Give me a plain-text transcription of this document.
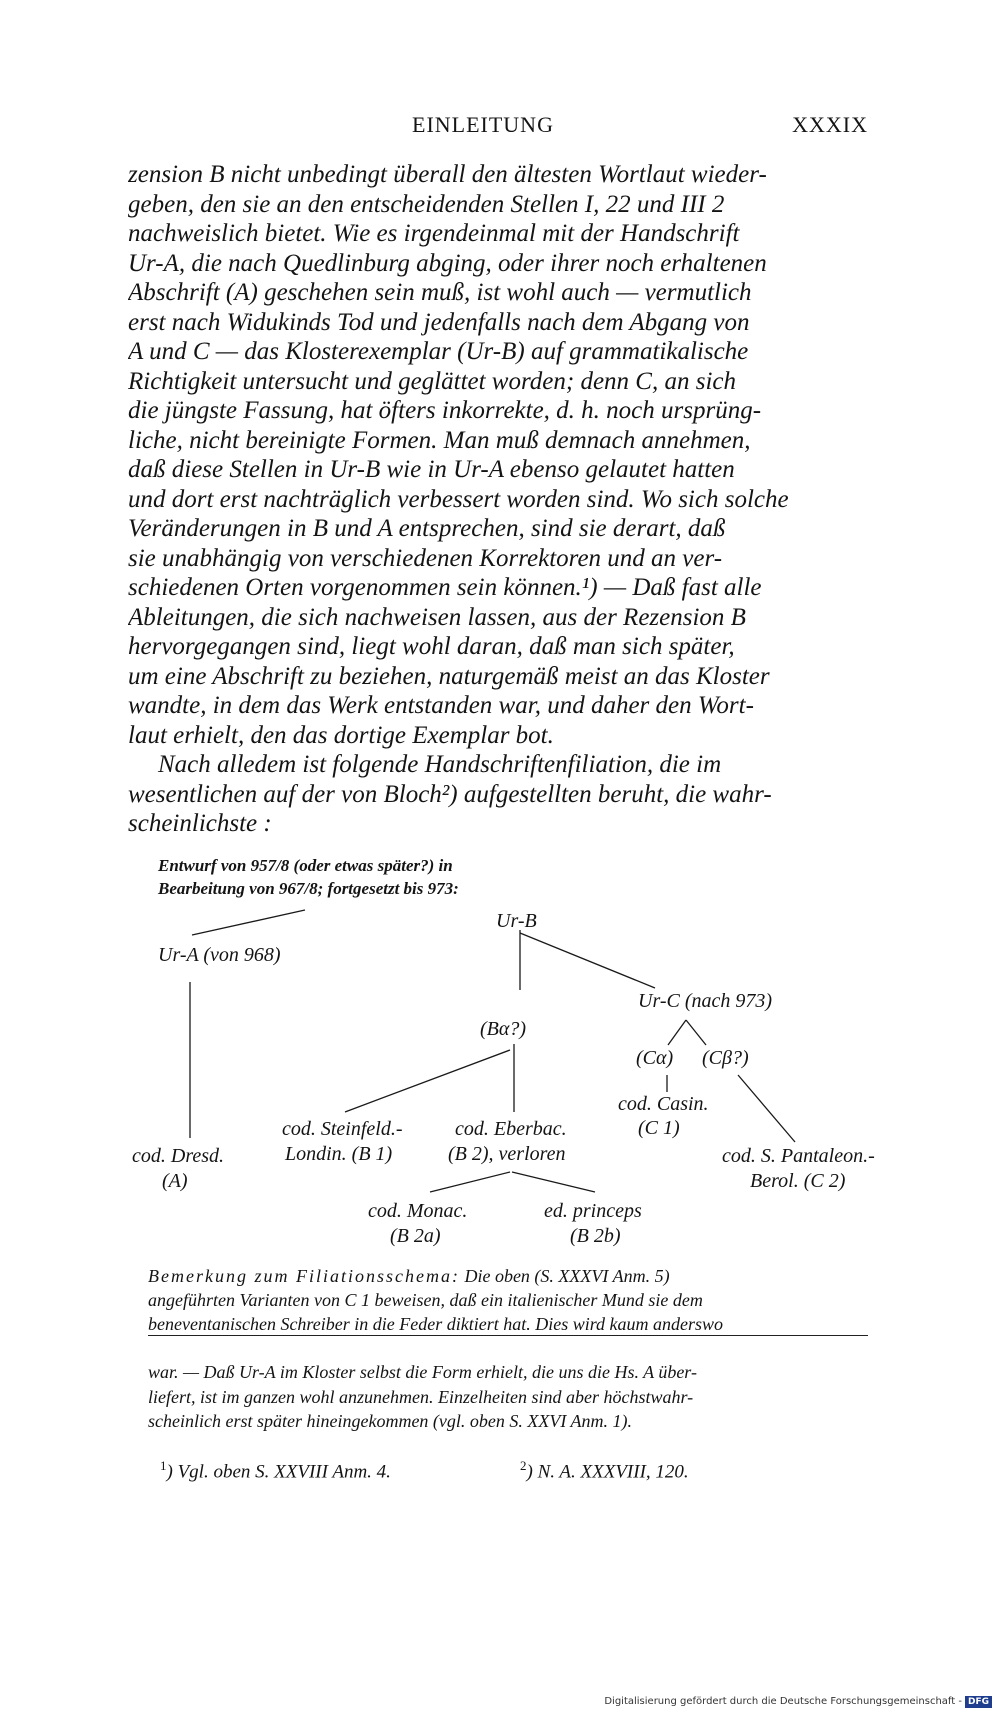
EINLEITUNG	XXXIX
zension B nicht unbedingt überall den ältesten Wortlaut wieder-
geben, den sie an den entscheidenden Stellen I, 22 und III 2
nachweislich bietet. Wie es irgendeinmal mit der Handschrift
Ur-A, die nach Quedlinburg abging, oder ihrer noch erhaltenen
Abschrift (A) geschehen sein muß, ist wohl auch — vermutlich
erst nach Widukinds Tod und jedenfalls nach dem Abgang von
A und C — das Klosterexemplar (Ur-B) auf grammatikalische
Richtigkeit untersucht und geglättet worden; denn C, an sich
die jüngste Fassung, hat öfters inkorrekte, d. h. noch ursprüng-
liche, nicht bereinigte Formen. Man muß demnach annehmen,
daß diese Stellen in Ur-B wie in Ur-A ebenso gelautet hatten
und dort erst nachträglich verbessert worden sind. Wo sich solche
Veränderungen in B und A entsprechen, sind sie derart, daß
sie unabhängig von verschiedenen Korrektoren und an ver-
schiedenen Orten vorgenommen sein können.¹) — Daß fast alle
Ableitungen, die sich nachweisen lassen, aus der Rezension B
hervorgegangen sind, liegt wohl daran, daß man sich später,
um eine Abschrift zu beziehen, naturgemäß meist an das Kloster
wandte, in dem das Werk entstanden war, und daher den Wort-
laut erhielt, den das dortige Exemplar bot.
Nach alledem ist folgende Handschriftenfiliation, die im
wesentlichen auf der von Bloch²) aufgestellten beruht, die wahr-
scheinlichste :
Entwurf von 957/8 (oder etwas später?) in
Bearbeitung von 967/8; fortgesetzt bis 973:
Ur-B
Ur-A (von 968)
Ur-C (nach 973)
(Bα?)
(Cα) (Cβ?)
cod. Casin.
(C 1)
cod. Steinfeld.-
Londin. (B 1)
cod. Eberbac.
(B 2), verloren
cod. Dresd.
(A)
cod. S. Pantaleon.-
Berol. (C 2)
cod. Monac.
(B 2a)
ed. princeps
(B 2b)
Bemerkung zum Filiationsschema: Die oben (S. XXXVI Anm. 5)
angeführten Varianten von C 1 beweisen, daß ein italienischer Mund sie dem
beneventanischen Schreiber in die Feder diktiert hat. Dies wird kaum anderswo
war. — Daß Ur-A im Kloster selbst die Form erhielt, die uns die Hs. A über-
liefert, ist im ganzen wohl anzunehmen. Einzelheiten sind aber höchstwahr-
scheinlich erst später hineingekommen (vgl. oben S. XXVI Anm. 1).
$^1$) Vgl. oben S. XXVIII Anm. 4.	$^2$) N. A. XXXVIII, 120.
Digitalisierung gefördert durch die Deutsche Forschungsgemeinschaft - DFG
